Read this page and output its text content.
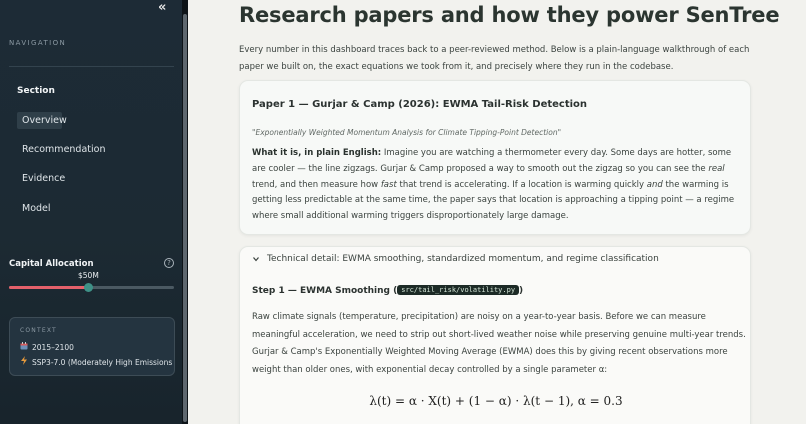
«
NAVIGATION
Section
Overview
Recommendation
Evidence
Model
Capital Allocation	?
$50M
CONTEXT
2015–2100
SSP3-7.0 (Moderately High Emissions
Research papers and how they power SenTree
Every number in this dashboard traces back to a peer-reviewed method. Below is a plain-language walkthrough of each paper we built on, the exact equations we took from it, and precisely where they run in the codebase.
Paper 1 — Gurjar & Camp (2026): EWMA Tail-Risk Detection
"Exponentially Weighted Momentum Analysis for Climate Tipping-Point Detection"
What it is, in plain English: Imagine you are watching a thermometer every day. Some days are hotter, some are cooler — the line zigzags. Gurjar & Camp proposed a way to smooth out the zigzag so you can see the real trend, and then measure how fast that trend is accelerating. If a location is warming quickly and the warming is getting less predictable at the same time, the paper says that location is approaching a tipping point — a regime where small additional warming triggers disproportionately large damage.
Technical detail: EWMA smoothing, standardized momentum, and regime classification
Step 1 — EWMA Smoothing ( src/tail_risk/volatility.py )
Raw climate signals (temperature, precipitation) are noisy on a year-to-year basis. Before we can measure meaningful acceleration, we need to strip out short-lived weather noise while preserving genuine multi-year trends. Gurjar & Camp's Exponentially Weighted Moving Average (EWMA) does this by giving recent observations more weight than older ones, with exponential decay controlled by a single parameter α:
λ(t) = α · X(t) + (1 − α) · λ(t − 1), α = 0.3
